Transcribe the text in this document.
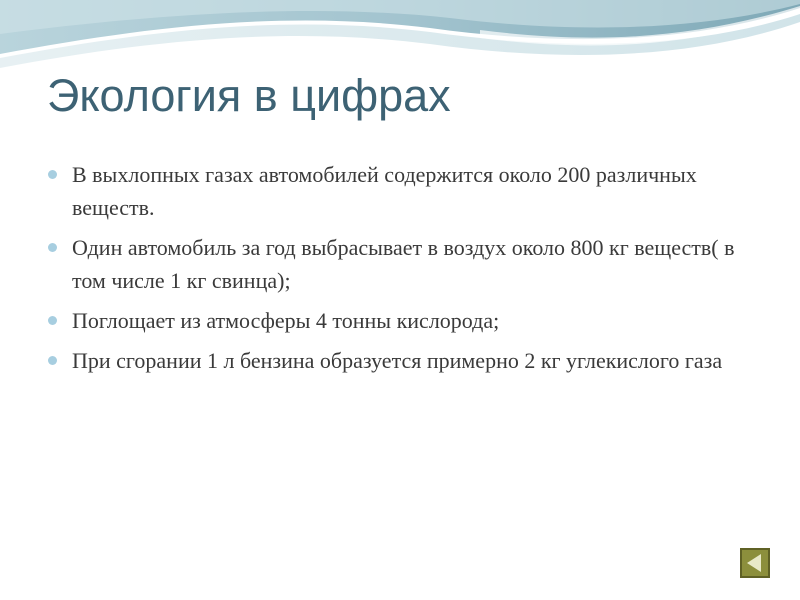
Экология в цифрах
В выхлопных газах автомобилей содержится около 200 различных веществ.
Один автомобиль за год выбрасывает в воздух около 800 кг веществ( в том числе 1 кг свинца);
Поглощает из атмосферы 4 тонны кислорода;
При сгорании 1 л бензина образуется примерно 2 кг углекислого газа
